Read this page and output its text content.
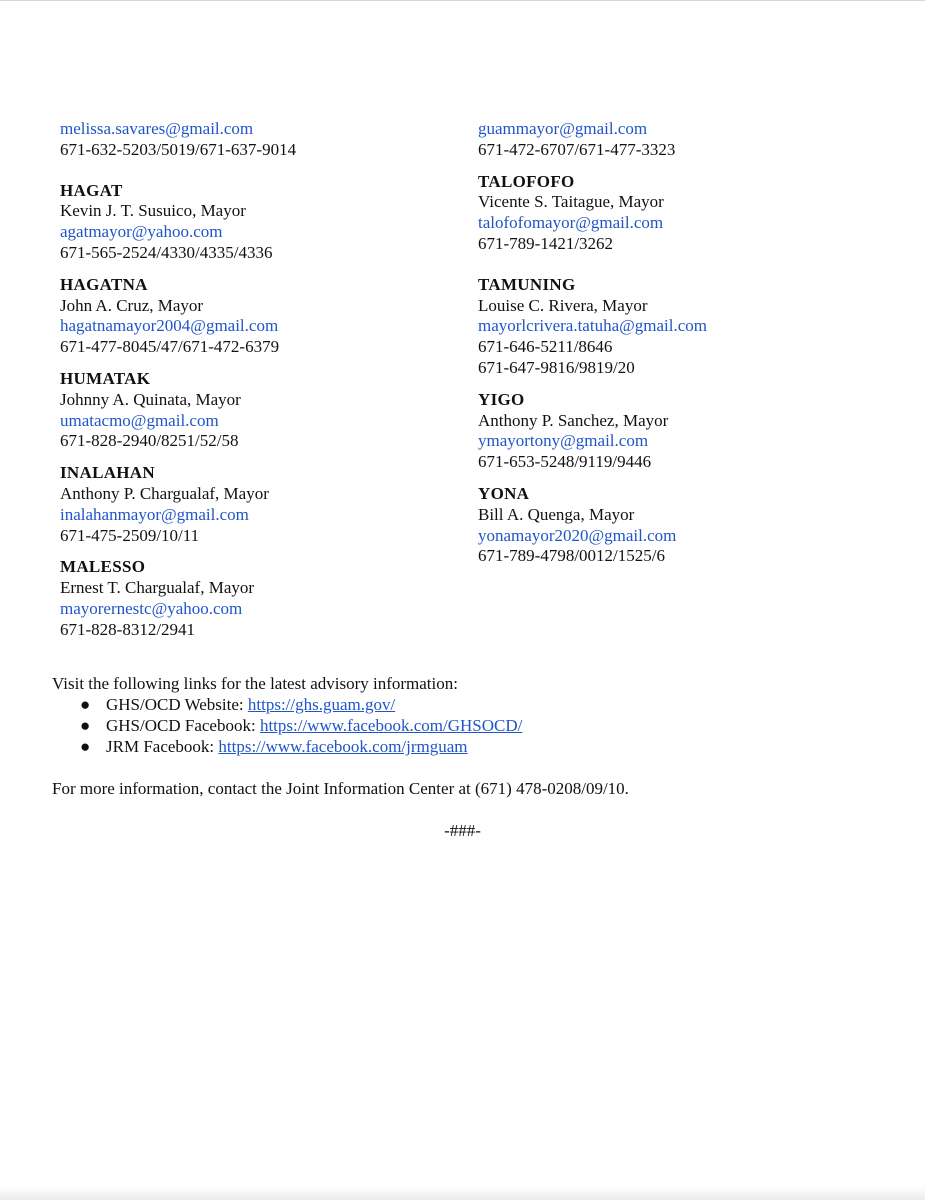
melissa.savares@gmail.com
671-632-5203/5019/671-637-9014
HAGAT
Kevin J. T. Susuico, Mayor
agatmayor@yahoo.com
671-565-2524/4330/4335/4336
HAGATNA
John A. Cruz, Mayor
hagatnamayor2004@gmail.com
671-477-8045/47/671-472-6379
HUMATAK
Johnny A. Quinata, Mayor
umatacmo@gmail.com
671-828-2940/8251/52/58
INALAHAN
Anthony P. Chargualaf, Mayor
inalahanmayor@gmail.com
671-475-2509/10/11
MALESSO
Ernest T. Chargualaf, Mayor
mayorernestc@yahoo.com
671-828-8312/2941
guammayor@gmail.com
671-472-6707/671-477-3323
TALOFOFO
Vicente S. Taitague, Mayor
talofofomayor@gmail.com
671-789-1421/3262
TAMUNING
Louise C. Rivera, Mayor
mayorlcrivera.tatuha@gmail.com
671-646-5211/8646
671-647-9816/9819/20
YIGO
Anthony P. Sanchez, Mayor
ymayortony@gmail.com
671-653-5248/9119/9446
YONA
Bill A. Quenga, Mayor
yonamayor2020@gmail.com
671-789-4798/0012/1525/6
Visit the following links for the latest advisory information:
● GHS/OCD Website: https://ghs.guam.gov/
● GHS/OCD Facebook: https://www.facebook.com/GHSOCD/
● JRM Facebook: https://www.facebook.com/jrmguam
For more information, contact the Joint Information Center at (671) 478-0208/09/10.
-###-
